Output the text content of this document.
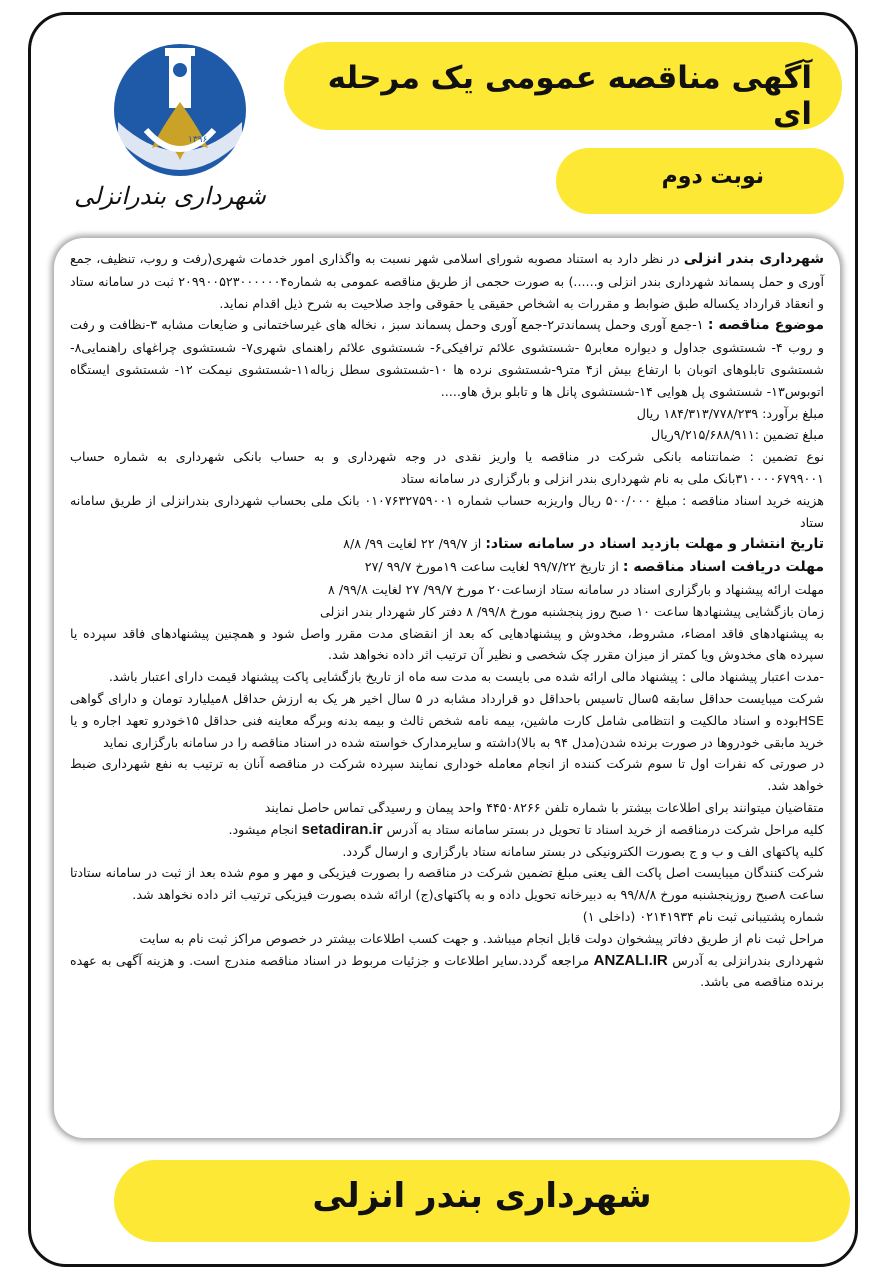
۱۳۹۶
شهرداری بندرانزلی
آگهی مناقصه عمومی یک مرحله ای
نوبت دوم

شهرداری بندر انزلی در نظر دارد به استناد مصوبه شورای اسلامی شهر نسبت به واگذاری امور خدمات شهری(رفت و روب، تنظیف، جمع آوری و حمل پسماند شهرداری بندر انزلی و......) به صورت حجمی از طریق مناقصه عمومی به شماره۲۰۹۹۰۰۵۲۳۰۰۰۰۰۰۴ ثبت در سامانه ستاد و انعقاد قرارداد یکساله طبق ضوابط و مقررات به اشخاص حقیقی یا حقوقی واجد صلاحیت به شرح ذیل اقدام نماید.

موضوع مناقصه : ۱-جمع آوری وحمل پسماندتر۲-جمع آوری وحمل پسماند سبز ، نخاله های غیرساختمانی و ضایعات مشابه ۳-نظافت و رفت و روب ۴- شستشوی جداول و دیواره معابر۵ -شستشوی علائم ترافیکی۶- شستشوی علائم راهنمای شهری۷- شستشوی چراغهای راهنمایی۸- شستشوی تابلوهای اتوبان با ارتفاع بیش از۴ متر۹-شستشوی نرده ها ۱۰-شستشوی سطل زباله۱۱-شستشوی نیمکت ۱۲- شستشوی ایستگاه اتوبوس۱۳- شستشوی پل هوایی ۱۴-شستشوی پانل ها و تابلو برق هاو.....

مبلغ برآورد: ۱۸۴/۳۱۳/۷۷۸/۲۳۹ ریال

مبلغ تضمین :۹/۲۱۵/۶۸۸/۹۱۱ریال

نوع تضمین : ضمانتنامه بانکی شرکت در مناقصه یا واریز نقدی در وجه شهرداری و به حساب بانکی شهرداری به شماره حساب ۳۱۰۰۰۰۶۷۹۹۰۰۱بانک ملی به نام شهرداری بندر انزلی و بارگزاری در سامانه ستاد

هزینه خرید اسناد مناقصه : مبلغ ۵۰۰/۰۰۰ ریال واریزبه حساب شماره ۰۱۰۷۶۳۲۷۵۹۰۰۱ بانک ملی بحساب شهرداری بندرانزلی از طریق سامانه ستاد

تاریخ انتشار و مهلت بازدید اسناد در سامانه ستاد: از ۹۹/۷/ ۲۲ لغایت ۹۹/ ۸/۸

مهلت دریافت اسناد مناقصه : از تاریخ ۹۹/۷/۲۲ لغایت ساعت ۱۹مورخ ۹۹/۷ /۲۷

مهلت ارائه پیشنهاد و بارگزاری اسناد در سامانه ستاد ازساعت۲۰ مورخ ۹۹/۷/ ۲۷ لغایت ۹۹/۸/ ۸

زمان بازگشایی پیشنهادها ساعت ۱۰ صبح روز پنجشنبه مورخ ۹۹/۸/ ۸ دفتر کار شهردار بندر انزلی

به پیشنهادهای فاقد امضاء، مشروط، مخدوش و پیشنهادهایی که بعد از انقضای مدت مقرر واصل شود و همچنین پیشنهادهای فاقد سپرده یا سپرده های مخدوش ویا کمتر از میزان مقرر چک شخصی و نظیر آن ترتیب اثر داده نخواهد شد.

-مدت اعتبار پیشنهاد مالی : پیشنهاد مالی ارائه شده می بایست به مدت سه ماه از تاریخ بازگشایی پاکت پیشنهاد قیمت دارای اعتبار باشد.

شرکت میبایست حداقل سابقه ۵سال تاسیس باحداقل دو قرارداد مشابه در ۵ سال اخیر هر یک به ارزش حداقل ۸میلیارد تومان و دارای گواهی HSEبوده و اسناد مالکیت و انتظامی شامل کارت ماشین، بیمه نامه شخص ثالث و بیمه بدنه وبرگه معاینه فنی حداقل ۱۵خودرو تعهد اجاره و یا خرید مابقی خودروها در صورت برنده شدن(مدل ۹۴ به بالا)داشته و سایرمدارک خواسته شده در اسناد مناقصه را در سامانه بارگزاری نماید

در صورتی که نفرات اول تا سوم شرکت کننده از انجام معامله خوداری نمایند سپرده شرکت در مناقصه آنان به ترتیب به نفع شهرداری ضبط خواهد شد.

متقاضیان میتوانند برای اطلاعات بیشتر با شماره تلفن ۴۴۵۰۸۲۶۶ واحد پیمان و رسیدگی تماس حاصل نمایند

کلیه مراحل شرکت درمناقصه از خرید اسناد تا تحویل در بستر سامانه ستاد به آدرس setadiran.ir انجام میشود.

کلیه پاکتهای الف و ب و ج بصورت الکترونیکی در بستر سامانه ستاد بارگزاری و ارسال گردد.

شرکت کنندگان میبایست اصل پاکت الف یعنی مبلغ تضمین شرکت در مناقصه را بصورت فیزیکی و مهر و موم شده بعد از ثبت در سامانه ستادتا ساعت ۸صبح روزپنجشنبه مورخ ۹۹/۸/۸ به دبیرخانه تحویل داده و به پاکتهای(ج) ارائه شده بصورت فیزیکی ترتیب اثر داده نخواهد شد.

شماره پشتیبانی ثبت نام ۰۲۱۴۱۹۳۴ (داخلی ۱)

مراحل ثبت نام از طریق دفاتر پیشخوان دولت قابل انجام میباشد. و جهت کسب اطلاعات بیشتر در خصوص مراکز ثبت نام به سایت

شهرداری بندرانزلی به آدرس ANZALI.IR مراجعه گردد.سایر اطلاعات و جزئیات مربوط در اسناد مناقصه مندرج است. و هزینه آگهی به عهده برنده مناقصه می باشد.

شهرداری بندر انزلی
